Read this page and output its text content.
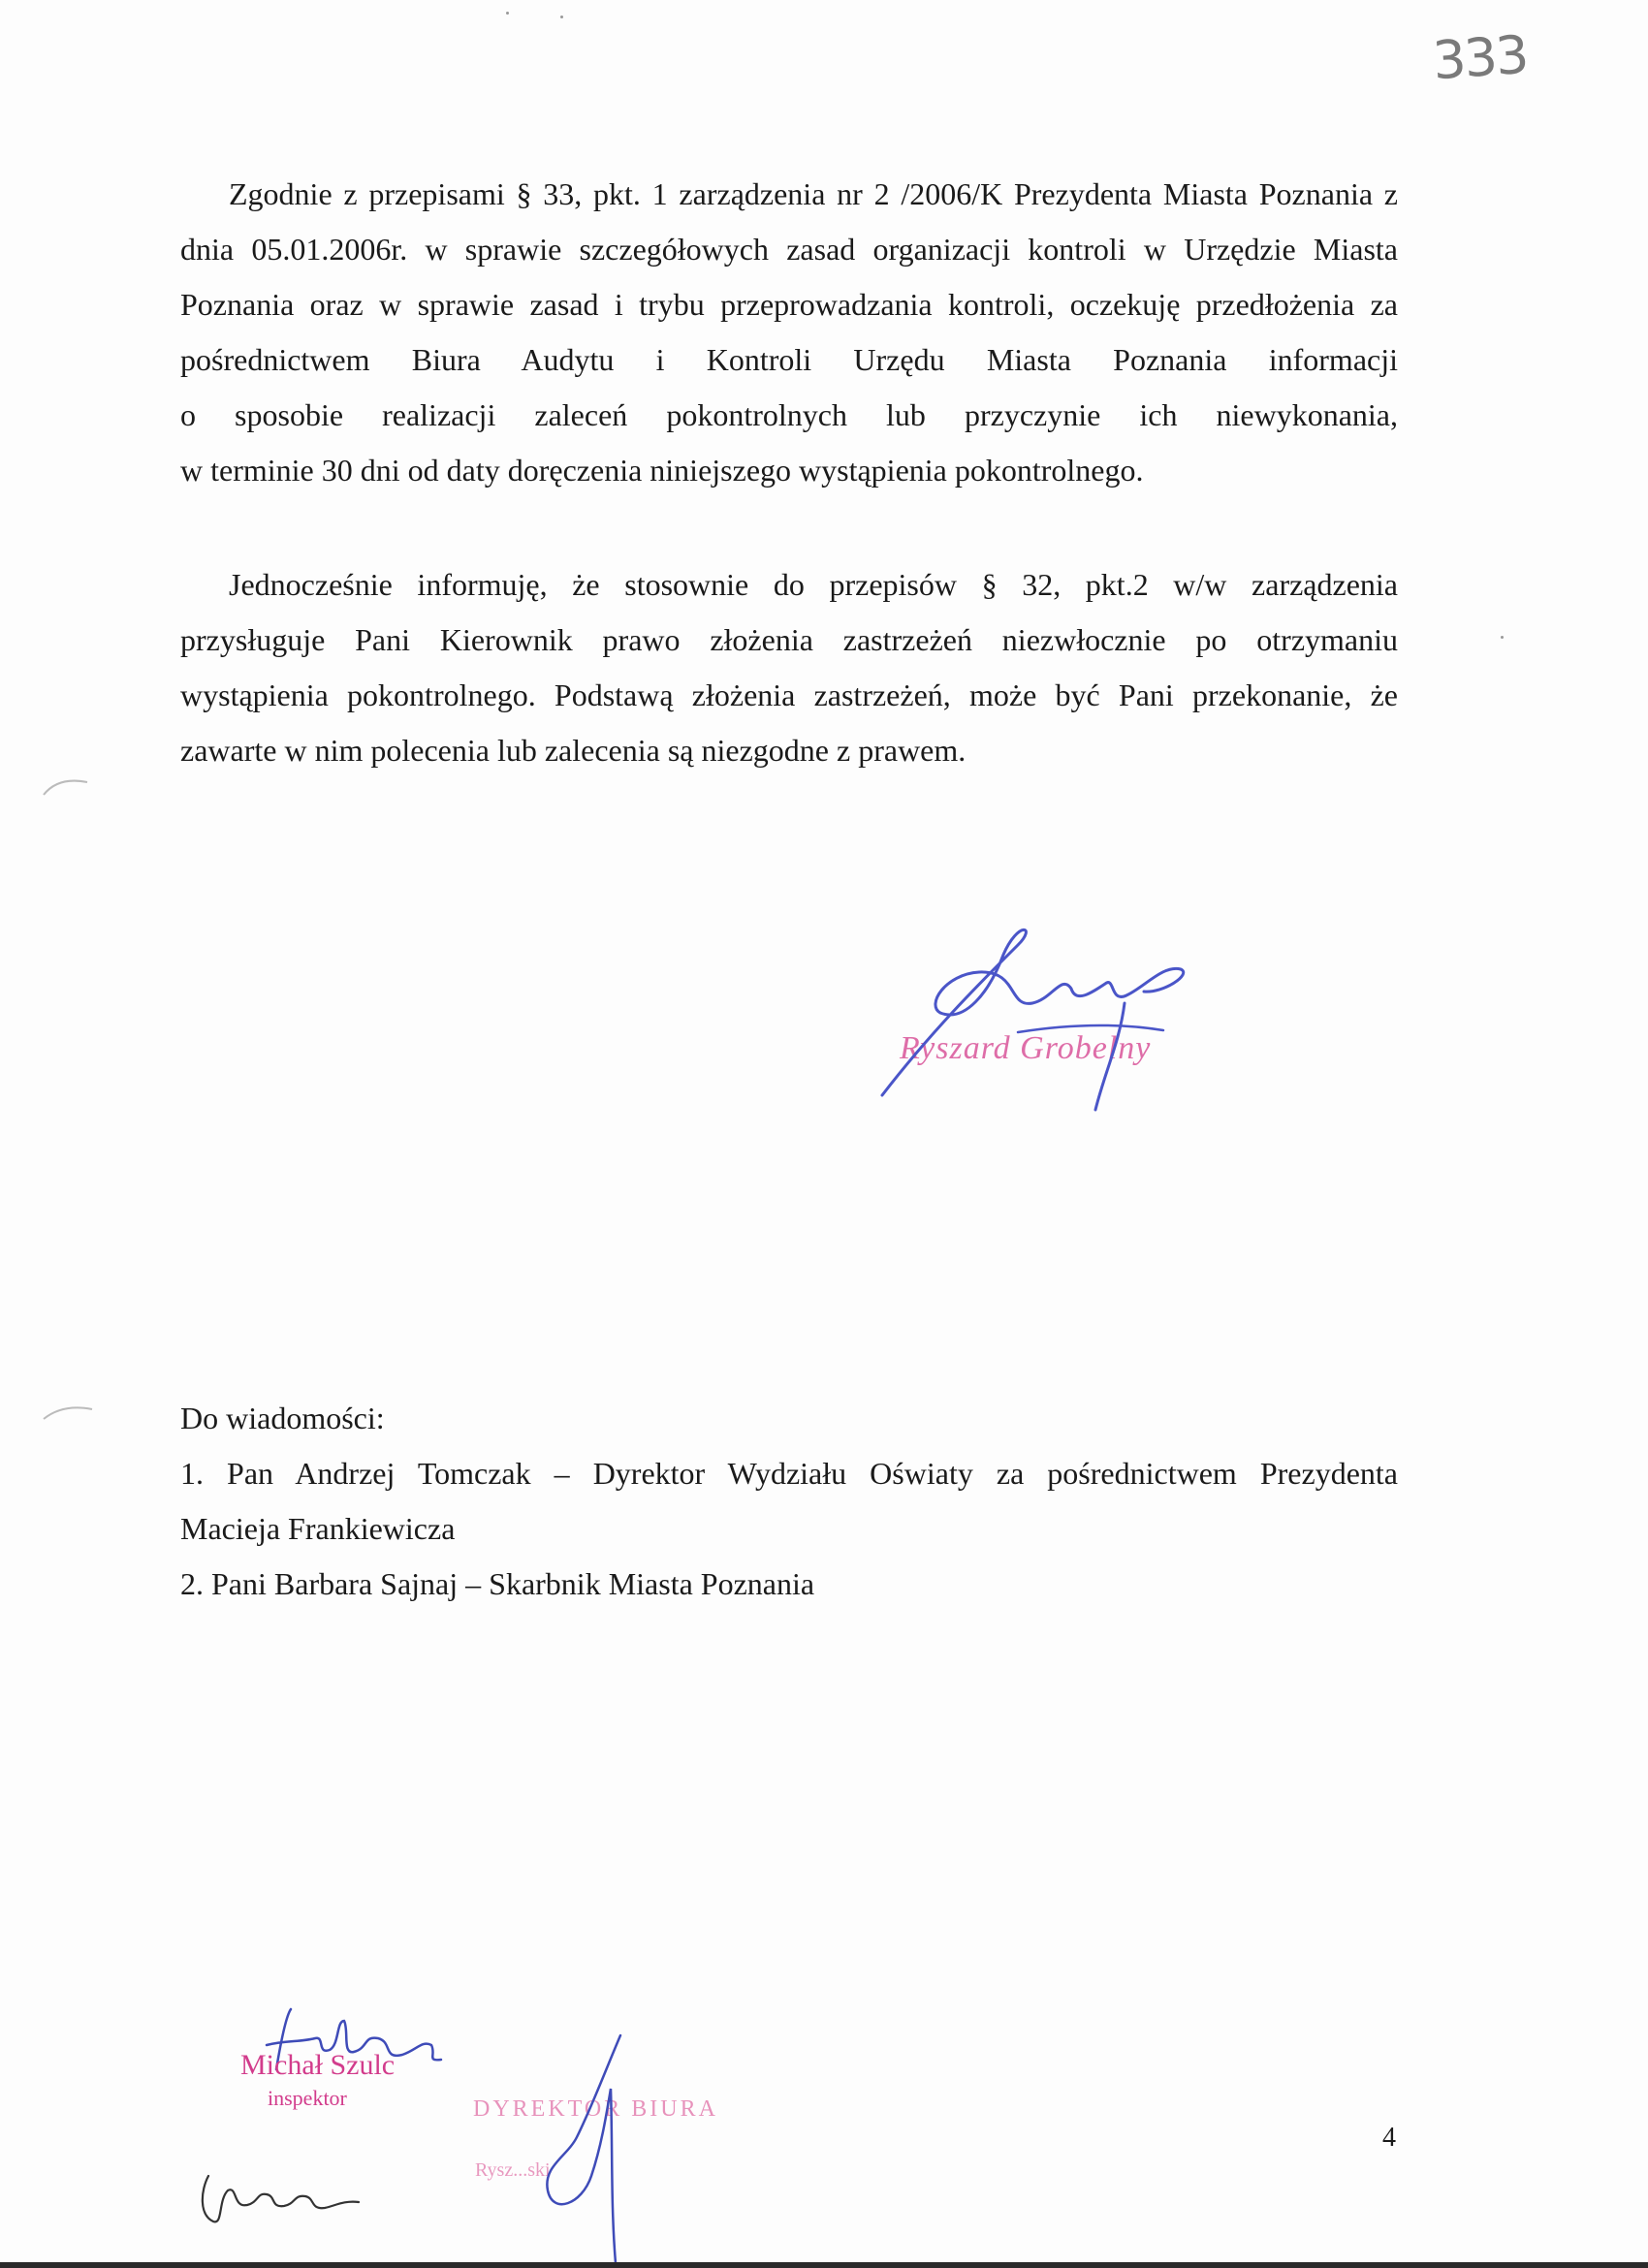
333

Zgodnie z przepisami § 33, pkt. 1 zarządzenia nr 2 /2006/K Prezydenta Miasta Poznania z

dnia 05.01.2006r. w sprawie szczegółowych zasad organizacji kontroli w Urzędzie Miasta

Poznania oraz w sprawie zasad i trybu przeprowadzania kontroli, oczekuję przedłożenia za

pośrednictwem Biura Audytu i Kontroli Urzędu Miasta Poznania informacji

o sposobie realizacji zaleceń pokontrolnych lub przyczynie ich niewykonania,

w terminie 30 dni od daty doręczenia niniejszego wystąpienia pokontrolnego.

Jednocześnie informuję, że stosownie do przepisów § 32, pkt.2 w/w zarządzenia

przysługuje Pani Kierownik prawo złożenia zastrzeżeń niezwłocznie po otrzymaniu

wystąpienia pokontrolnego. Podstawą złożenia zastrzeżeń, może być Pani przekonanie, że

zawarte w nim polecenia lub zalecenia są niezgodne z prawem.

Ryszard Grobelny
Do wiadomości:
1. Pan Andrzej Tomczak – Dyrektor Wydziału Oświaty za pośrednictwem Prezydenta
Macieja Frankiewicza
2. Pani Barbara Sajnaj – Skarbnik Miasta Poznania
Michał Szulc
inspektor	DYREKTOR BIURA
Rysz...ski
4
